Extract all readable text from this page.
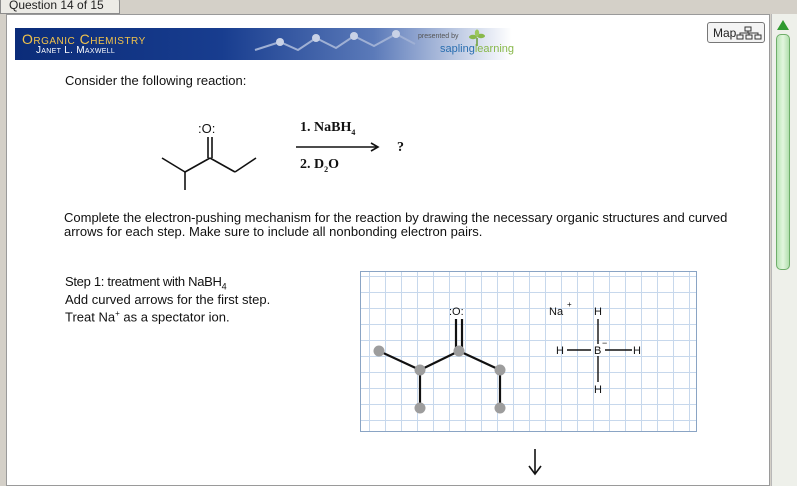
Question 14 of 15
Organic Chemistry
Janet L. Maxwell
presented by
saplinglearning
Map
Consider the following reaction:
:O:	1. NaBH$_4$
2. $D_2O$
?
Complete the electron-pushing mechanism for the reaction by drawing the necessary organic structures and curved arrows for each step. Make sure to include all nonbonding electron pairs.
Step 1: treatment with NaBH$_4$
Add curved arrows for the first step.
Treat Na+ as a spectator ion.	:O:	Na
+
H
H	B
−
H
H
